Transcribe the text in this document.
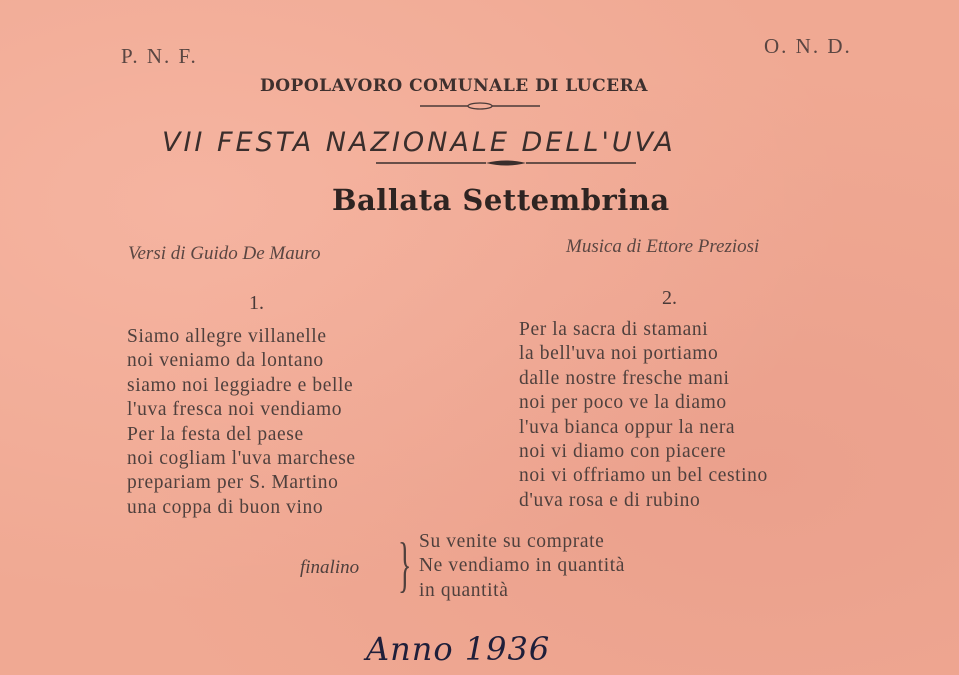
P. N. F.	O. N. D.
DOPOLAVORO COMUNALE DI LUCERA
VII FESTA NAZIONALE DELL'UVA
Ballata Settembrina
Versi di Guido De Mauro	Musica di Ettore Preziosi
1.	2.
Siamo allegre villanelle
noi veniamo da lontano
siamo noi leggiadre e belle
l'uva fresca noi vendiamo
Per la festa del paese
noi cogliam l'uva marchese
prepariam per S. Martino
una coppa di buon vino
Per la sacra di stamani
la bell'uva noi portiamo
dalle nostre fresche mani
noi per poco ve la diamo
l'uva bianca oppur la nera
noi vi diamo con piacere
noi vi offriamo un bel cestino
d'uva rosa e di rubino
finalino } Su venite su comprate
Ne vendiamo in quantità
in quantità
Anno 1936
